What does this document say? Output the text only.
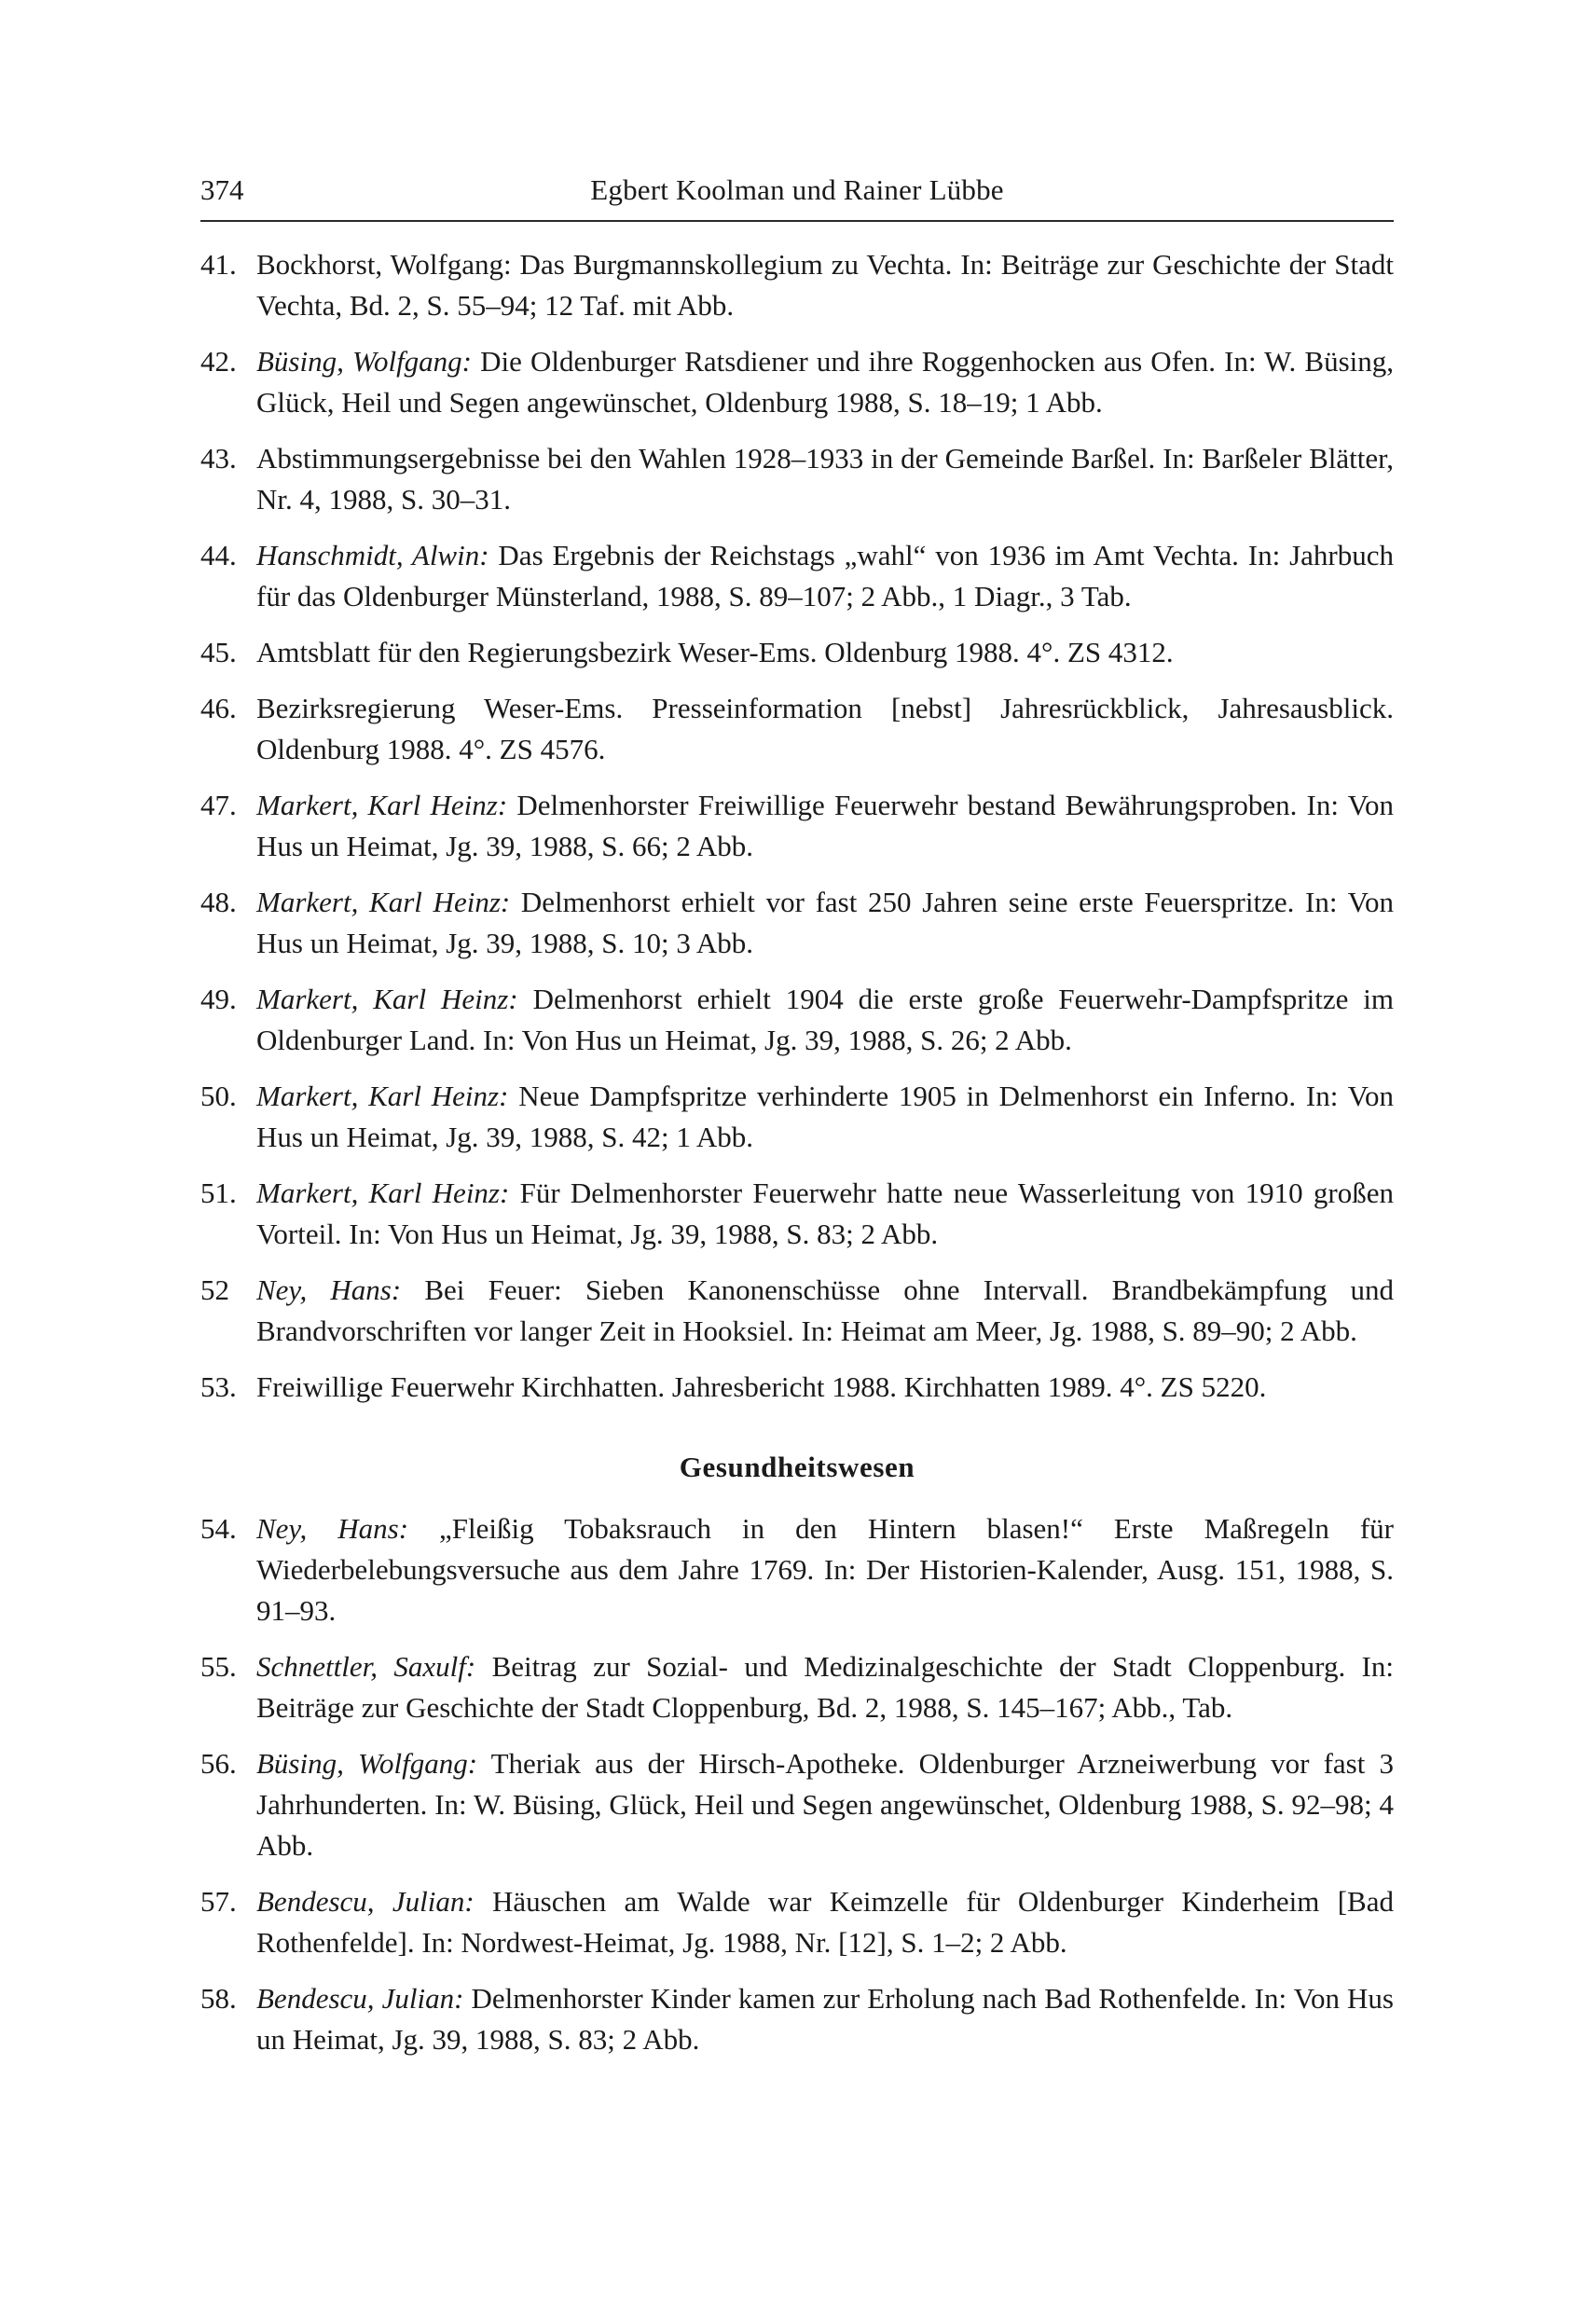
374	Egbert Koolman und Rainer Lübbe
41. Bockhorst, Wolfgang: Das Burgmannskollegium zu Vechta. In: Beiträge zur Geschichte der Stadt Vechta, Bd. 2, S. 55–94; 12 Taf. mit Abb.
42. Büsing, Wolfgang: Die Oldenburger Ratsdiener und ihre Roggenhocken aus Ofen. In: W. Büsing, Glück, Heil und Segen angewünschet, Oldenburg 1988, S. 18–19; 1 Abb.
43. Abstimmungsergebnisse bei den Wahlen 1928–1933 in der Gemeinde Barßel. In: Barßeler Blätter, Nr. 4, 1988, S. 30–31.
44. Hanschmidt, Alwin: Das Ergebnis der Reichstags „wahl“ von 1936 im Amt Vechta. In: Jahrbuch für das Oldenburger Münsterland, 1988, S. 89–107; 2 Abb., 1 Diagr., 3 Tab.
45. Amtsblatt für den Regierungsbezirk Weser-Ems. Oldenburg 1988. 4°. ZS 4312.
46. Bezirksregierung Weser-Ems. Presseinformation [nebst] Jahresrückblick, Jahresausblick. Oldenburg 1988. 4°. ZS 4576.
47. Markert, Karl Heinz: Delmenhorster Freiwillige Feuerwehr bestand Bewährungsproben. In: Von Hus un Heimat, Jg. 39, 1988, S. 66; 2 Abb.
48. Markert, Karl Heinz: Delmenhorst erhielt vor fast 250 Jahren seine erste Feuerspritze. In: Von Hus un Heimat, Jg. 39, 1988, S. 10; 3 Abb.
49. Markert, Karl Heinz: Delmenhorst erhielt 1904 die erste große Feuerwehr-Dampfspritze im Oldenburger Land. In: Von Hus un Heimat, Jg. 39, 1988, S. 26; 2 Abb.
50. Markert, Karl Heinz: Neue Dampfspritze verhinderte 1905 in Delmenhorst ein Inferno. In: Von Hus un Heimat, Jg. 39, 1988, S. 42; 1 Abb.
51. Markert, Karl Heinz: Für Delmenhorster Feuerwehr hatte neue Wasserleitung von 1910 großen Vorteil. In: Von Hus un Heimat, Jg. 39, 1988, S. 83; 2 Abb.
52 Ney, Hans: Bei Feuer: Sieben Kanonenschüsse ohne Intervall. Brandbekämpfung und Brandvorschriften vor langer Zeit in Hooksiel. In: Heimat am Meer, Jg. 1988, S. 89–90; 2 Abb.
53. Freiwillige Feuerwehr Kirchhatten. Jahresbericht 1988. Kirchhatten 1989. 4°. ZS 5220.
Gesundheitswesen
54. Ney, Hans: „Fleißig Tobaksrauch in den Hintern blasen!“ Erste Maßregeln für Wiederbelebungsversuche aus dem Jahre 1769. In: Der Historien-Kalender, Ausg. 151, 1988, S. 91–93.
55. Schnettler, Saxulf: Beitrag zur Sozial- und Medizinalgeschichte der Stadt Cloppenburg. In: Beiträge zur Geschichte der Stadt Cloppenburg, Bd. 2, 1988, S. 145–167; Abb., Tab.
56. Büsing, Wolfgang: Theriak aus der Hirsch-Apotheke. Oldenburger Arzneiwerbung vor fast 3 Jahrhunderten. In: W. Büsing, Glück, Heil und Segen angewünschet, Oldenburg 1988, S. 92–98; 4 Abb.
57. Bendescu, Julian: Häuschen am Walde war Keimzelle für Oldenburger Kinderheim [Bad Rothenfelde]. In: Nordwest-Heimat, Jg. 1988, Nr. [12], S. 1–2; 2 Abb.
58. Bendescu, Julian: Delmenhorster Kinder kamen zur Erholung nach Bad Rothenfelde. In: Von Hus un Heimat, Jg. 39, 1988, S. 83; 2 Abb.
